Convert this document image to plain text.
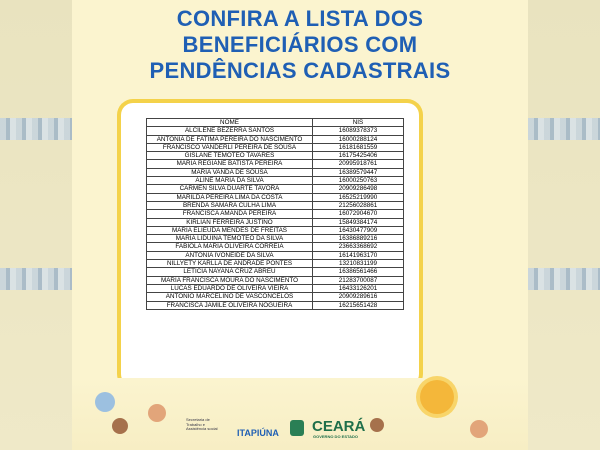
CONFIRA A LISTA DOS
BENEFICIÁRIOS COM
PENDÊNCIAS CADASTRAIS
NOME	NIS
ALCILENE BEZERRA SANTOS	16089378373
ANTONIA DE FATIMA PEREIRA DO NASCIMENTO	16000288124
FRANCISCO VANDERLI PEREIRA DE SOUSA	16181681559
GISLANE TEMOTEO TAVARES	16175425406
MARIA REGIANE BATISTA PEREIRA	20995918761
MARIA VANDA DE SOUSA	16389579447
ALINE MARIA DA SILVA	16000250763
CARMEN SILVA DUARTE TAVORA	20909286498
MARILDA PEREIRA LIMA DA COSTA	16525219990
BRENDA SAMARA CULHA LIMA	21256028861
FRANCISCA AMANDA PEREIRA	16072904670
KIRLIAN FERREIRA JUSTINO	15849384174
MARIA ELIEUDA MENDES DE FREITAS	16430477909
MARIA LIDUINA TEMOTEO DA SILVA	16386889216
FABIOLA MARIA OLIVEIRA CORREIA	23663368692
ANTONIA IVONEIDE DA SILVA	16141963170
NILLYETY KARLLA DE ANDRADE PONTES	13210831199
LETICIA NAYANA CRUZ ABREU	16386561466
MARIA FRANCISCA MOURA DO NASCIMENTO	21283700087
LUCAS EDUARDO DE OLIVEIRA VIEIRA	16433126201
ANTONIO MARCELINO DE VASCONCELOS	20909289616
FRANCISCA JAMILE OLIVEIRA NOGUEIRA	16215651428
Secretaria de Trabalho e Assistência social ITAPIÚNA CEARÁ
GOVERNO DO ESTADO
